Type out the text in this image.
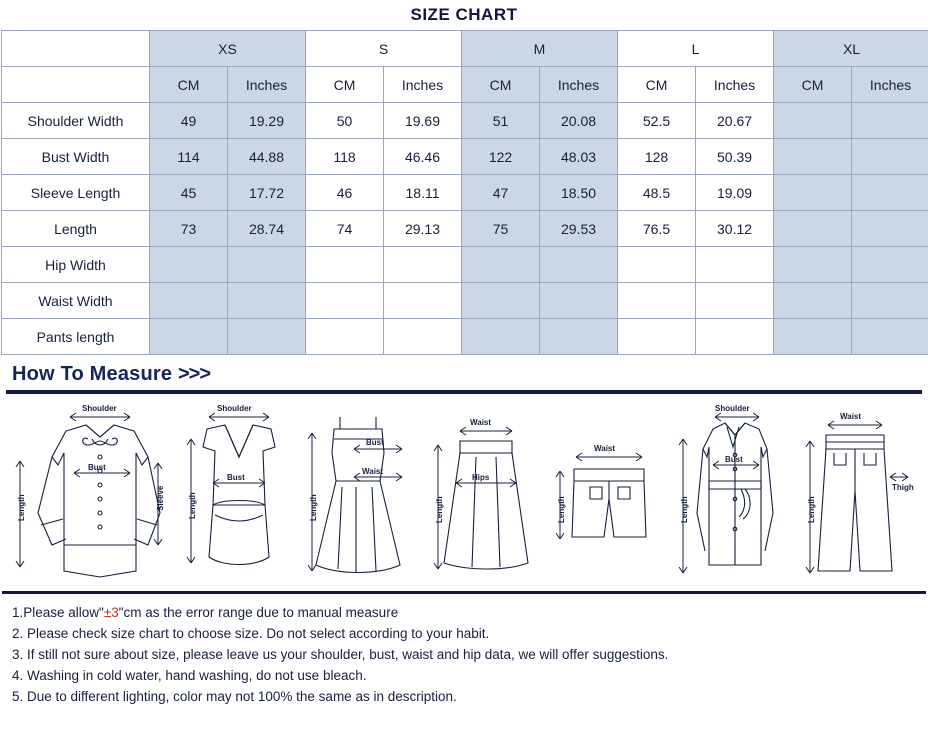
SIZE CHART
	XS		S		M		L		XL	
	CM	Inches	CM	Inches	CM	Inches	CM	Inches	CM	Inches
Shoulder Width	49	19.29	50	19.69	51	20.08	52.5	20.67		
Bust Width	114	44.88	118	46.46	122	48.03	128	50.39		
Sleeve Length	45	17.72	46	18.11	47	18.50	48.5	19.09		
Length	73	28.74	74	29.13	75	29.53	76.5	30.12		
Hip Width										
Waist Width										
Pants length										
How To Measure >>>
Shoulder
Bust
Length	Sleeve
Shoulder
Bust
Length
Bust
Waist
Length
Waist
Hips
Length
Waist
Length
Shoulder
Bust
Length
Waist
Thigh
Length
1.Please allow"±3"cm as the error range due to manual measure
2. Please check size chart to choose size. Do not select according to your habit.
3. If still not sure about size, please leave us your shoulder, bust, waist and hip data, we will offer suggestions.
4. Washing in cold water, hand washing, do not use bleach.
5. Due to different lighting, color may not 100% the same as in description.
